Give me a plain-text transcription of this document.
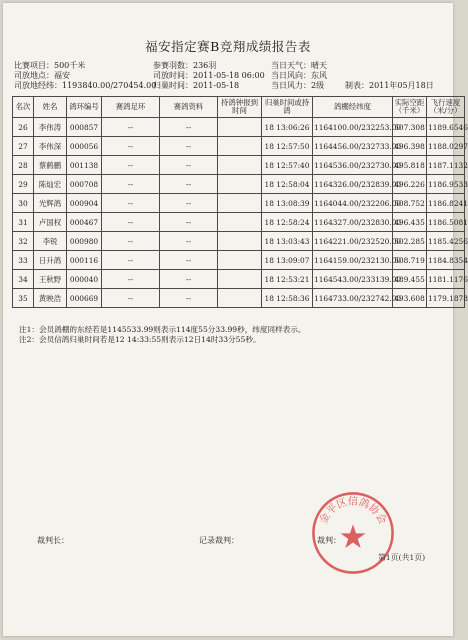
福安指定赛B竞翔成绩报告表
比赛项目：500千米
司放地点：福安
司放地经纬：1193840.00/270454.00
参赛羽数：236羽
司放时间：2011-05-18 06:00
归巢时间：2011-05-18
当日天气：晴天
当日风向：东风
当日风力：2级	制表：2011年05月18日
名次	姓名	鸽环编号	赛鸽足环	赛鸽资料	持鸽钟报到时间	归巢时间或持鸽	鸽棚经纬度	实际空距（千米）	飞行速度（米/分）
26	李伟涛	000857	--	--		18 13:06:26	1164100.00/232253.00	507.308	1189.6546
27	李伟深	000056	--	--		18 12:57:50	1164456.00/232733.00	496.398	1188.0297
28	蔡鹤鹏	001138	--	--		18 12:57:40	1164536.00/232730.00	495.818	1187.1132
29	陈灿宏	000708	--	--		18 12:58:04	1164326.00/232839.00	496.226	1186.9533
30	光辉鸽	000904	--	--		18 13:08:39	1164044.00/232206.00	508.752	1186.8241
31	卢国权	000467	--	--		18 12:58:24	1164327.00/232830.00	496.435	1186.5081
32	李锐	000980	--	--		18 13:03:43	1164221.00/232520.00	502.285	1185.4256
33	日升鸽	000116	--	--		18 13:09:07	1164159.00/232130.00	508.719	1184.8354
34	王秋野	000040	--	--		18 12:53:21	1164543.00/233139.00	489.455	1181.1176
35	黄映浩	000669	--	--		18 12:58:36	1164733.00/232742.00	493.608	1179.1878
注1：会员鸽棚的东经若是1145533.99则表示114度55分33.99秒，纬度同样表示。
注2：会员信鸽归巢时间若是12 14:33:55则表示12日14时33分55秒。
裁判长：	记录裁判：	裁判：
金平区信鸽协会
第1页(共1页)
